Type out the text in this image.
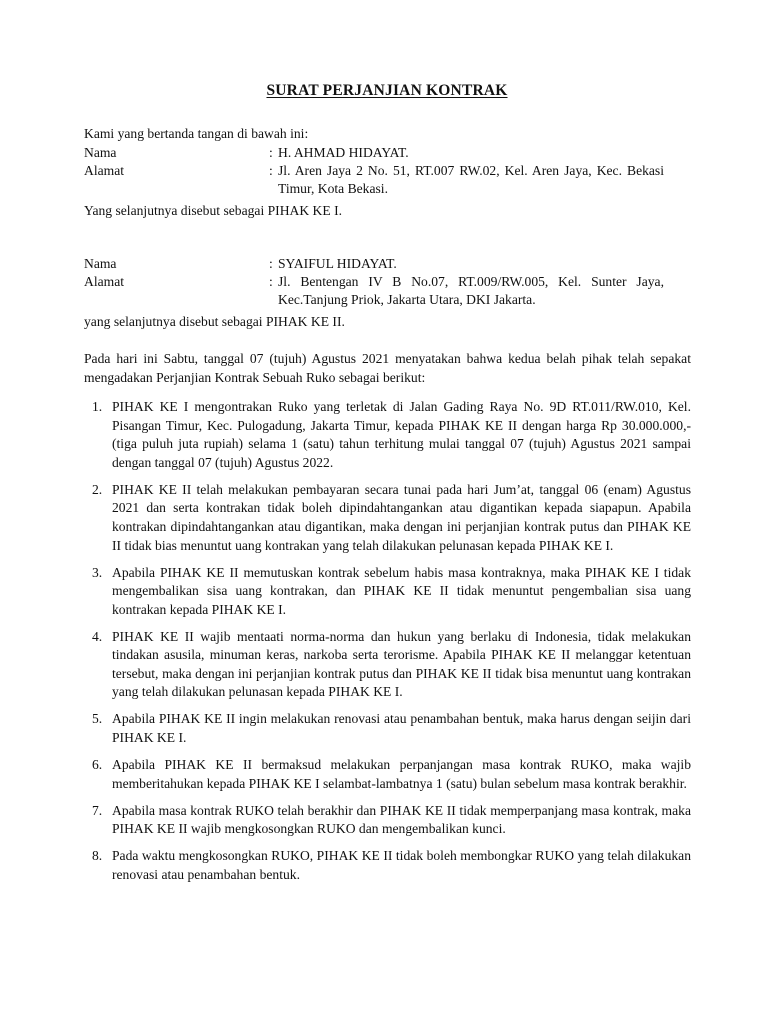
SURAT PERJANJIAN KONTRAK
Kami yang bertanda tangan di bawah ini:
Nama	: H. AHMAD HIDAYAT.
Alamat	: Jl. Aren Jaya 2 No. 51, RT.007 RW.02, Kel. Aren Jaya, Kec. Bekasi Timur, Kota Bekasi.
Yang selanjutnya disebut sebagai PIHAK KE I.
Nama	: SYAIFUL HIDAYAT.
Alamat	: Jl. Bentengan IV B No.07, RT.009/RW.005, Kel. Sunter Jaya, Kec.Tanjung Priok, Jakarta Utara, DKI Jakarta.
yang selanjutnya disebut sebagai PIHAK KE II.
Pada hari ini Sabtu, tanggal 07 (tujuh) Agustus 2021 menyatakan bahwa kedua belah pihak telah sepakat mengadakan Perjanjian Kontrak Sebuah Ruko sebagai berikut:
1. PIHAK KE I mengontrakan Ruko yang terletak di Jalan Gading Raya No. 9D RT.011/RW.010, Kel. Pisangan Timur, Kec. Pulogadung, Jakarta Timur, kepada PIHAK KE II dengan harga Rp 30.000.000,- (tiga puluh juta rupiah) selama 1 (satu) tahun terhitung mulai tanggal 07 (tujuh) Agustus 2021 sampai dengan tanggal 07 (tujuh) Agustus 2022.
2. PIHAK KE II telah melakukan pembayaran secara tunai pada hari Jum’at, tanggal 06 (enam) Agustus 2021 dan serta kontrakan tidak boleh dipindahtangankan atau digantikan kepada siapapun. Apabila kontrakan dipindahtangankan atau digantikan, maka dengan ini perjanjian kontrak putus dan PIHAK KE II tidak bias menuntut uang kontrakan yang telah dilakukan pelunasan kepada PIHAK KE I.
3. Apabila PIHAK KE II memutuskan kontrak sebelum habis masa kontraknya, maka PIHAK KE I tidak mengembalikan sisa uang kontrakan, dan PIHAK KE II tidak menuntut pengembalian sisa uang kontrakan kepada PIHAK KE I.
4. PIHAK KE II wajib mentaati norma-norma dan hukun yang berlaku di Indonesia, tidak melakukan tindakan asusila, minuman keras, narkoba serta terorisme. Apabila PIHAK KE II melanggar ketentuan tersebut, maka dengan ini perjanjian kontrak putus dan PIHAK KE II tidak bisa menuntut uang kontrakan yang telah dilakukan pelunasan kepada PIHAK KE I.
5. Apabila PIHAK KE II ingin melakukan renovasi atau penambahan bentuk, maka harus dengan seijin dari PIHAK KE I.
6. Apabila PIHAK KE II bermaksud melakukan perpanjangan masa kontrak RUKO, maka wajib memberitahukan kepada PIHAK KE I selambat-lambatnya 1 (satu) bulan sebelum masa kontrak berakhir.
7. Apabila masa kontrak RUKO telah berakhir dan PIHAK KE II tidak memperpanjang masa kontrak, maka PIHAK KE II wajib mengkosongkan RUKO dan mengembalikan kunci.
8. Pada waktu mengkosongkan RUKO, PIHAK KE II tidak boleh membongkar RUKO yang telah dilakukan renovasi atau penambahan bentuk.
